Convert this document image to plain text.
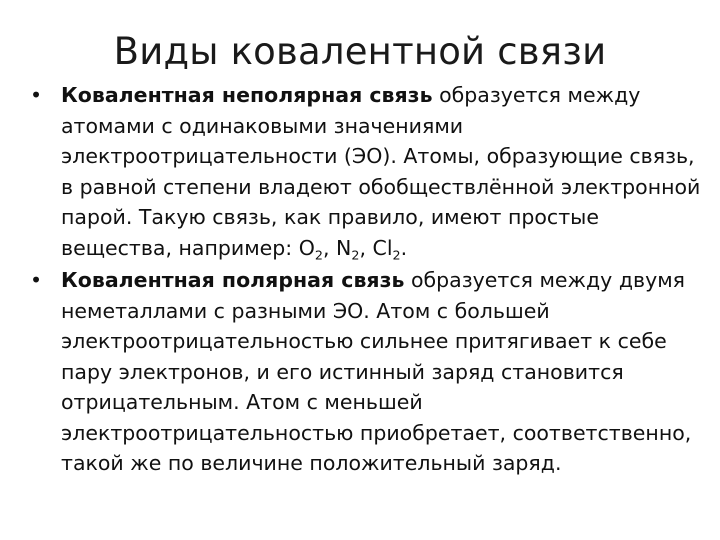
Виды ковалентной связи
• Ковалентная неполярная связь образуется между атомами с одинаковыми значениями электроотрицательности (ЭО). Атомы, образующие связь, в равной степени владеют обобществлённой электронной парой. Такую связь, как правило, имеют простые вещества, например: $O_2$, $N_2$, $Cl_2$.
• Ковалентная полярная связь образуется между двумя неметаллами с разными ЭО. Атом с большей электроотрицательностью сильнее притягивает к себе пару электронов, и его истинный заряд становится отрицательным. Атом с меньшей электроотрицательностью приобретает, соответственно, такой же по величине положительный заряд.
